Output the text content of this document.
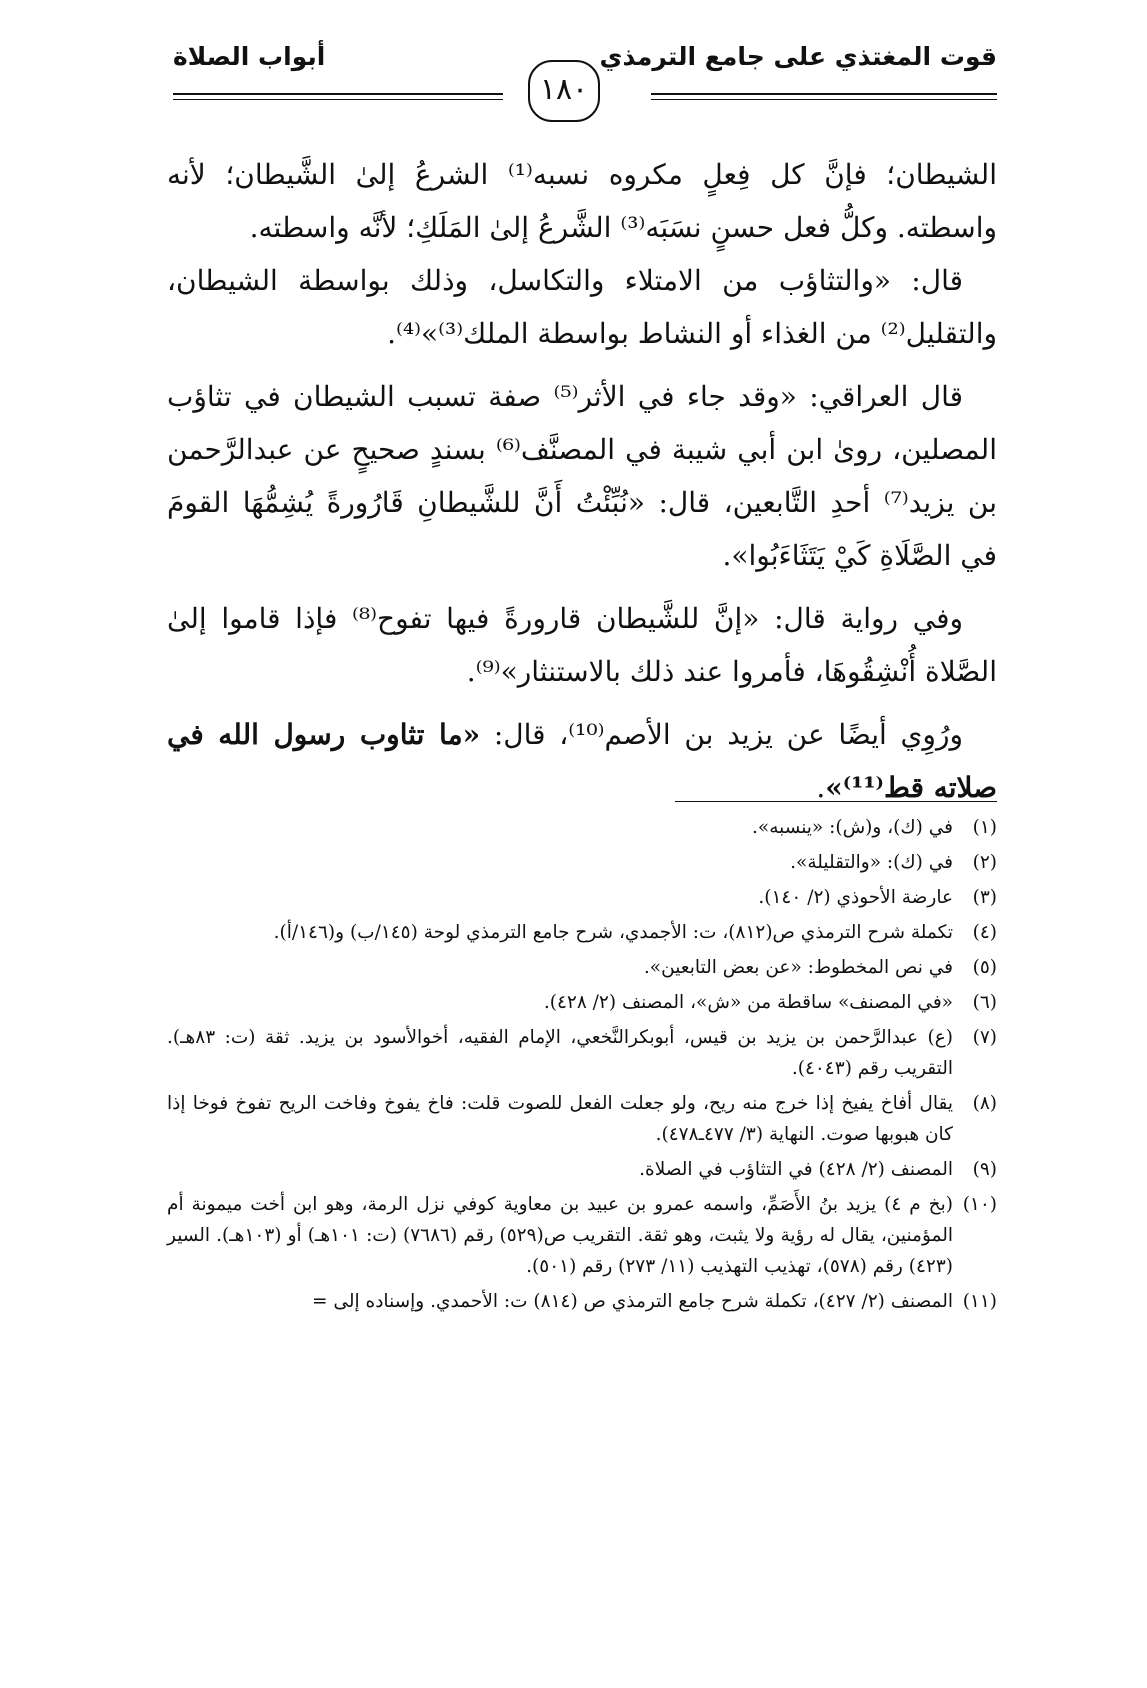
قوت المغتذي على جامع الترمذي
أبواب الصلاة
١٨٠

الشيطان؛ فإنَّ كل فِعلٍ مكروه نسبه⁽¹⁾ الشرعُ إلىٰ الشَّيطان؛ لأنه واسطته. وكلُّ فعل حسنٍ نسَبَه⁽³⁾ الشَّرعُ إلىٰ المَلَكِ؛ لأنَّه واسطته.

قال: «والتثاؤب من الامتلاء والتكاسل، وذلك بواسطة الشيطان، والتقليل⁽²⁾ من الغذاء أو النشاط بواسطة الملك⁽³⁾»⁽⁴⁾.

قال العراقي: «وقد جاء في الأثر⁽⁵⁾ صفة تسبب الشيطان في تثاؤب المصلين، روىٰ ابن أبي شيبة في المصنَّف⁽⁶⁾ بسندٍ صحيحٍ عن عبدالرَّحمن بن يزيد⁽⁷⁾ أحدِ التَّابعين، قال: «نُبِّئْتُ أَنَّ للشَّيطانِ قَارُورةً يُشِمُّهَا القومَ في الصَّلَاةِ كَيْ يَتَثَاءَبُوا».

وفي رواية قال: «إنَّ للشَّيطان قارورةً فيها تفوح⁽⁸⁾ فإذا قاموا إلىٰ الصَّلاة أُنْشِقُوهَا، فأمروا عند ذلك بالاستنثار»⁽⁹⁾.

ورُوِي أيضًا عن يزيد بن الأصم⁽¹⁰⁾، قال: «ما تثاوب رسول الله في صلاته قط⁽¹¹⁾».

(١)
في (ك)، و(ش): «ينسبه».
(٢)
في (ك): «والتقليلة».
(٣)
عارضة الأحوذي (٢/ ١٤٠).
(٤)
تكملة شرح الترمذي ص(٨١٢)، ت: الأجمدي، شرح جامع الترمذي لوحة (١٤٥/ب) و(١٤٦/أ).
(٥)
في نص المخطوط: «عن بعض التابعين».
(٦)
«في المصنف» ساقطة من «ش»، المصنف (٢/ ٤٢٨).
(٧)
(ع) عبدالرَّحمن بن يزيد بن قيس، أبوبكرالنَّخعي، الإمام الفقيه، أخوالأسود بن يزيد. ثقة (ت: ٨٣هـ). التقريب رقم (٤٠٤٣).
(٨)
يقال أفاخ يفيخ إذا خرج منه ريح، ولو جعلت الفعل للصوت قلت: فاخ يفوخ وفاخت الريح تفوخ فوخا إذا كان هبوبها صوت. النهاية (٣/ ٤٧٧ـ٤٧٨).
(٩)
المصنف (٢/ ٤٢٨) في التثاؤب في الصلاة.
(١٠)
(بخ م ٤) يزيد بنُ الأَصَمِّ، واسمه عمرو بن عبيد بن معاوية كوفي نزل الرمة، وهو ابن أخت ميمونة أم المؤمنين، يقال له رؤية ولا يثبت، وهو ثقة. التقريب ص(٥٢٩) رقم (٧٦٨٦) (ت: ١٠١هـ) أو (١٠٣هـ). السير (٤٢٣) رقم (٥٧٨)، تهذيب التهذيب (١١/ ٢٧٣) رقم (٥٠١).
(١١)
المصنف (٢/ ٤٢٧)، تكملة شرح جامع الترمذي ص (٨١٤) ت: الأحمدي. وإسناده إلى =
